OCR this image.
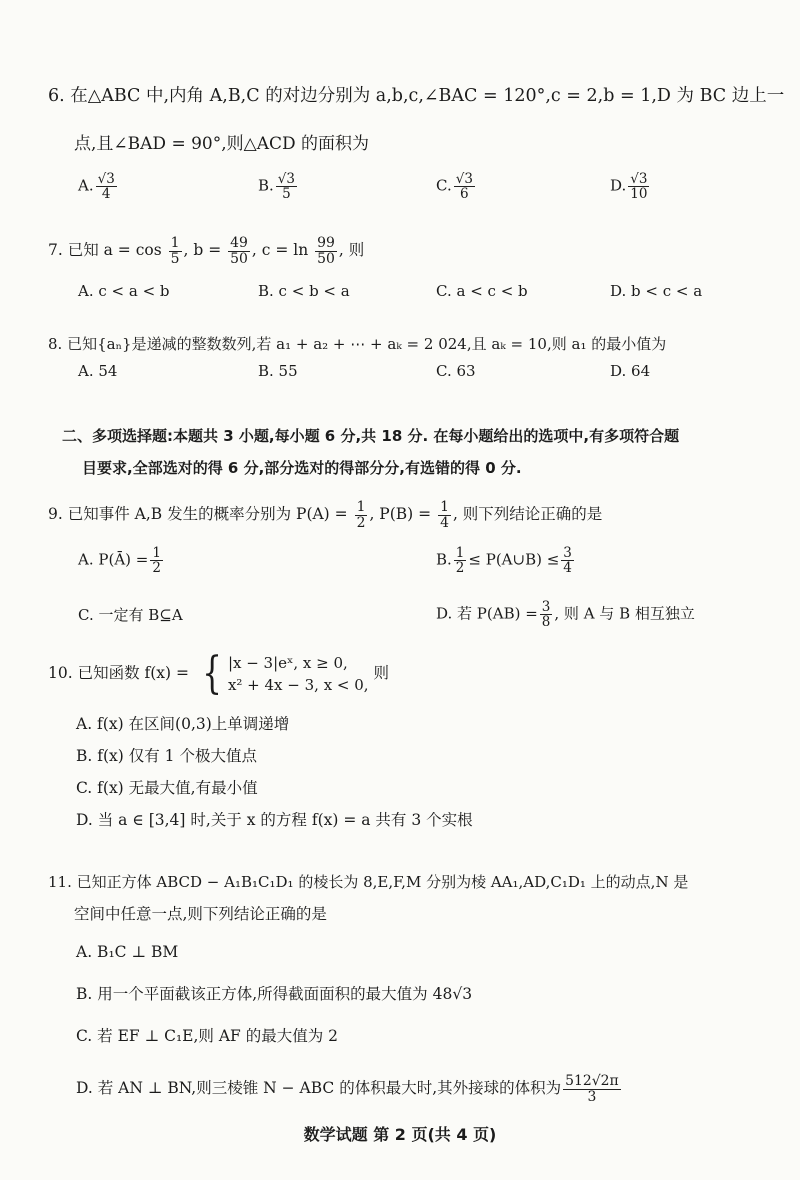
6. 在△ABC 中,内角 A,B,C 的对边分别为 a,b,c,∠BAC = 120°,c = 2,b = 1,D 为 BC 边上一
点,且∠BAD = 90°,则△ACD 的面积为
A. $\frac{√3}{4}$	B. $\frac{√3}{5}$	C. $\frac{√3}{6}$	D. $\frac{√3}{10}$
7. 已知 $a = \cos \frac{1}{5}$ , $b = \frac{49}{50}$ , $c = \ln \frac{99}{50}$ , 则
A. c < a < b	B. c < b < a	C. a < c < b	D. b < c < a
8. 已知{aₙ}是递减的整数数列,若 a₁ + a₂ + ⋯ + aₖ = 2 024,且 aₖ = 10,则 a₁ 的最小值为
A. 54	B. 55	C. 63	D. 64
二、多项选择题:本题共 3 小题,每小题 6 分,共 18 分. 在每小题给出的选项中,有多项符合题
目要求,全部选对的得 6 分,部分选对的得部分分,有选错的得 0 分.
9. 已知事件 A,B 发生的概率分别为 $P(A) = \frac{1}{2}$ , $P(B) = \frac{1}{4}$ , 则下列结论正确的是
A. P(Ā) = $\frac{1}{2}$	B. $\frac{1}{2}$ ≤ P(A∪B) ≤ $\frac{3}{4}$
C. 一定有 B⊆A	D. 若 $P(AB) = \frac{3}{8}$ , 则 A 与 B 相互独立
10. 已知函数 f(x) = { |x − 3|eˣ, x ≥ 0,
x² + 4x − 3, x < 0,
则
A. f(x) 在区间(0,3)上单调递增
B. f(x) 仅有 1 个极大值点
C. f(x) 无最大值,有最小值
D. 当 a ∈ [3,4] 时,关于 x 的方程 f(x) = a 共有 3 个实根
11. 已知正方体 ABCD − A₁B₁C₁D₁ 的棱长为 8,E,F,M 分别为棱 AA₁,AD,C₁D₁ 上的动点,N 是
空间中任意一点,则下列结论正确的是
A. B₁C ⊥ BM
B. 用一个平面截该正方体,所得截面面积的最大值为 48√3
C. 若 EF ⊥ C₁E,则 AF 的最大值为 2
D. 若 AN ⊥ BN,则三棱锥 N − ABC 的体积最大时,其外接球的体积为 $\frac{512√2\pi}{3}$
数学试题 第 2 页(共 4 页)
